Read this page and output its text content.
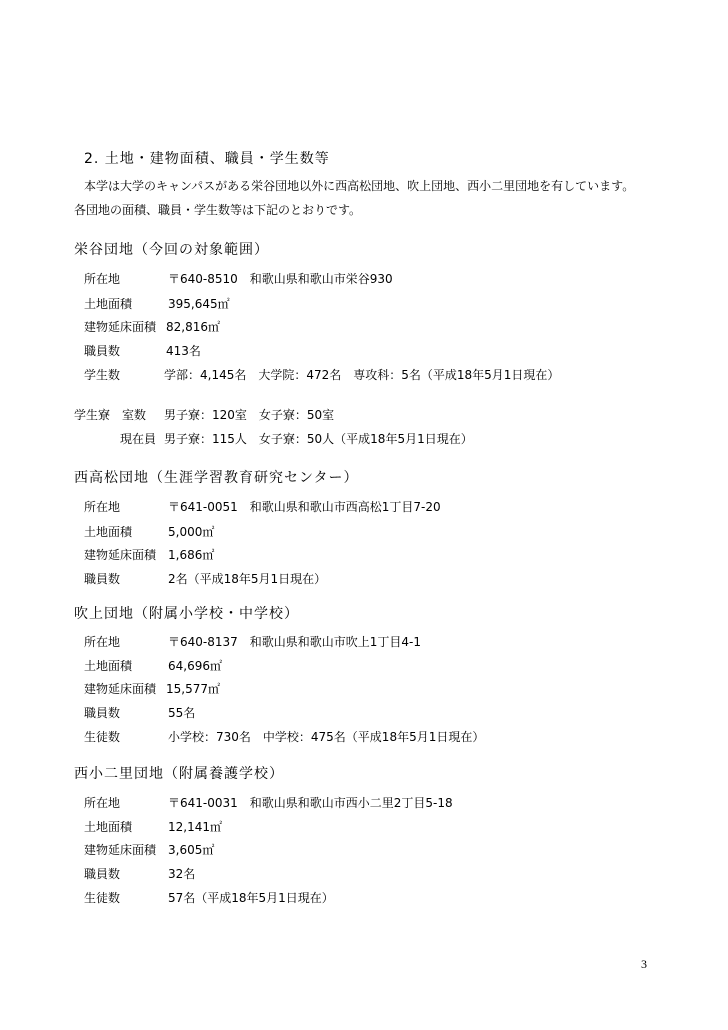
2. 土地・建物面積、職員・学生数等
本学は大学のキャンパスがある栄谷団地以外に西高松団地、吹上団地、西小二里団地を有しています。
各団地の面積、職員・学生数等は下記のとおりです。
栄谷団地（今回の対象範囲）
所在地	〒640-8510　和歌山県和歌山市栄谷930
土地面積	395,645㎡
建物延床面積 82,816㎡
職員数	413名
学生数	学部：4,145名　大学院：472名　専攻科：5名（平成18年5月1日現在）
学生寮　室数 男子寮：120室　女子寮：50室
現在員 男子寮：115人　女子寮：50人（平成18年5月1日現在）
西高松団地（生涯学習教育研究センター）
所在地	〒641-0051　和歌山県和歌山市西高松1丁目7-20
土地面積	5,000㎡
建物延床面積 1,686㎡
職員数	2名（平成18年5月1日現在）
吹上団地（附属小学校・中学校）
所在地	〒640-8137　和歌山県和歌山市吹上1丁目4-1
土地面積	64,696㎡
建物延床面積 15,577㎡
職員数	55名
生徒数	小学校：730名　中学校：475名（平成18年5月1日現在）
西小二里団地（附属養護学校）
所在地	〒641-0031　和歌山県和歌山市西小二里2丁目5-18
土地面積	12,141㎡
建物延床面積 3,605㎡
職員数	32名
生徒数	57名（平成18年5月1日現在）
3
